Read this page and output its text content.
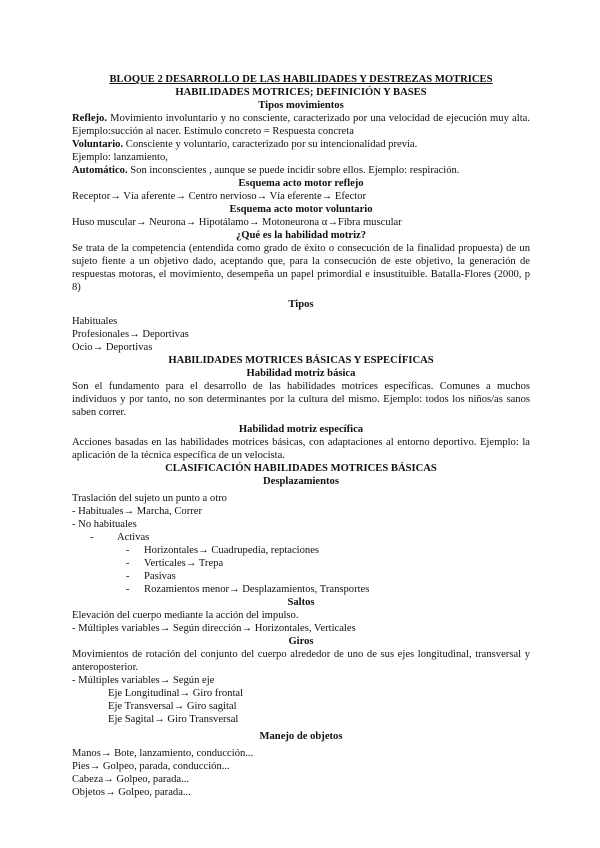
BLOQUE 2 DESARROLLO DE LAS HABILIDADES Y DESTREZAS MOTRICES

HABILIDADES MOTRICES; DEFINICIÓN Y BASES

Tipos movimientos

Reflejo. Movimiento involuntario y no consciente, caracterizado por una velocidad de ejecución muy alta. Ejemplo:succión al nacer. Estímulo concreto = Respuesta concreta

Voluntario. Consciente y voluntario, caracterizado por su intencionalidad previa.

Ejemplo: lanzamiento,

Automático. Son inconscientes , aunque se puede incidir sobre ellos. Ejemplo: respiración.

Esquema acto motor reflejo

Receptor→ Vía aferente→ Centro nervioso→ Vía eferente→ Efector

Esquema acto motor voluntario

Huso muscular→ Neurona→ Hipotálamo→ Motoneurona α→Fibra muscular

¿Qué es la habilidad motriz?

Se trata de la competencia (entendida como grado de éxito o consecución de la finalidad propuesta) de un sujeto fiente a un objetivo dado, aceptando que, para la consecución de este objetivo, la generación de respuestas motoras, el movimiento, desempeña un papel primordial e insustituible. Batalla-Flores (2000, p 8)

Tipos

Habituales

Profesionales→ Deportivas

Ocio→ Deportivas

HABILIDADES MOTRICES BÁSICAS Y ESPECÍFICAS

Habilidad motriz básica

Son el fundamento para el desarrollo de las habilidades motrices específicas. Comunes a muchos individuos y por tanto, no son determinantes por la cultura del mismo. Ejemplo: todos los niños/as sanos saben correr.

Habilidad motriz específica

Acciones basadas en las habilidades motrices básicas, con adaptaciones al entorno deportivo. Ejemplo: la aplicación de la técnica específica de un velocista.

CLASIFICACIÓN HABILIDADES MOTRICES BÁSICAS

Desplazamientos

Traslación del sujeto un punto a otro

- Habituales→ Marcha, Correr

- No habituales

-	Activas
-	Horizontales→ Cuadrupedia, reptaciones
-	Verticales→ Trepa
-	Pasivas
-	Rozamientos menor→ Desplazamientos, Transportes

Saltos

Elevación del cuerpo mediante la acción del impulso.

- Múltiples variables→ Según dirección→ Horizontales, Verticales

Giros

Movimientos de rotación del conjunto del cuerpo alrededor de uno de sus ejes longitudinal, transversal y anteroposterior.

- Múltiples variables→ Según eje

Eje Longitudinal→ Giro frontal

Eje Transversal→ Giro sagital

Eje Sagital→ Giro Transversal

Manejo de objetos

Manos→ Bote, lanzamiento, conducción...

Pies→ Golpeo, parada, conducción...

Cabeza→ Golpeo, parada...

Objetos→ Golpeo, parada...
